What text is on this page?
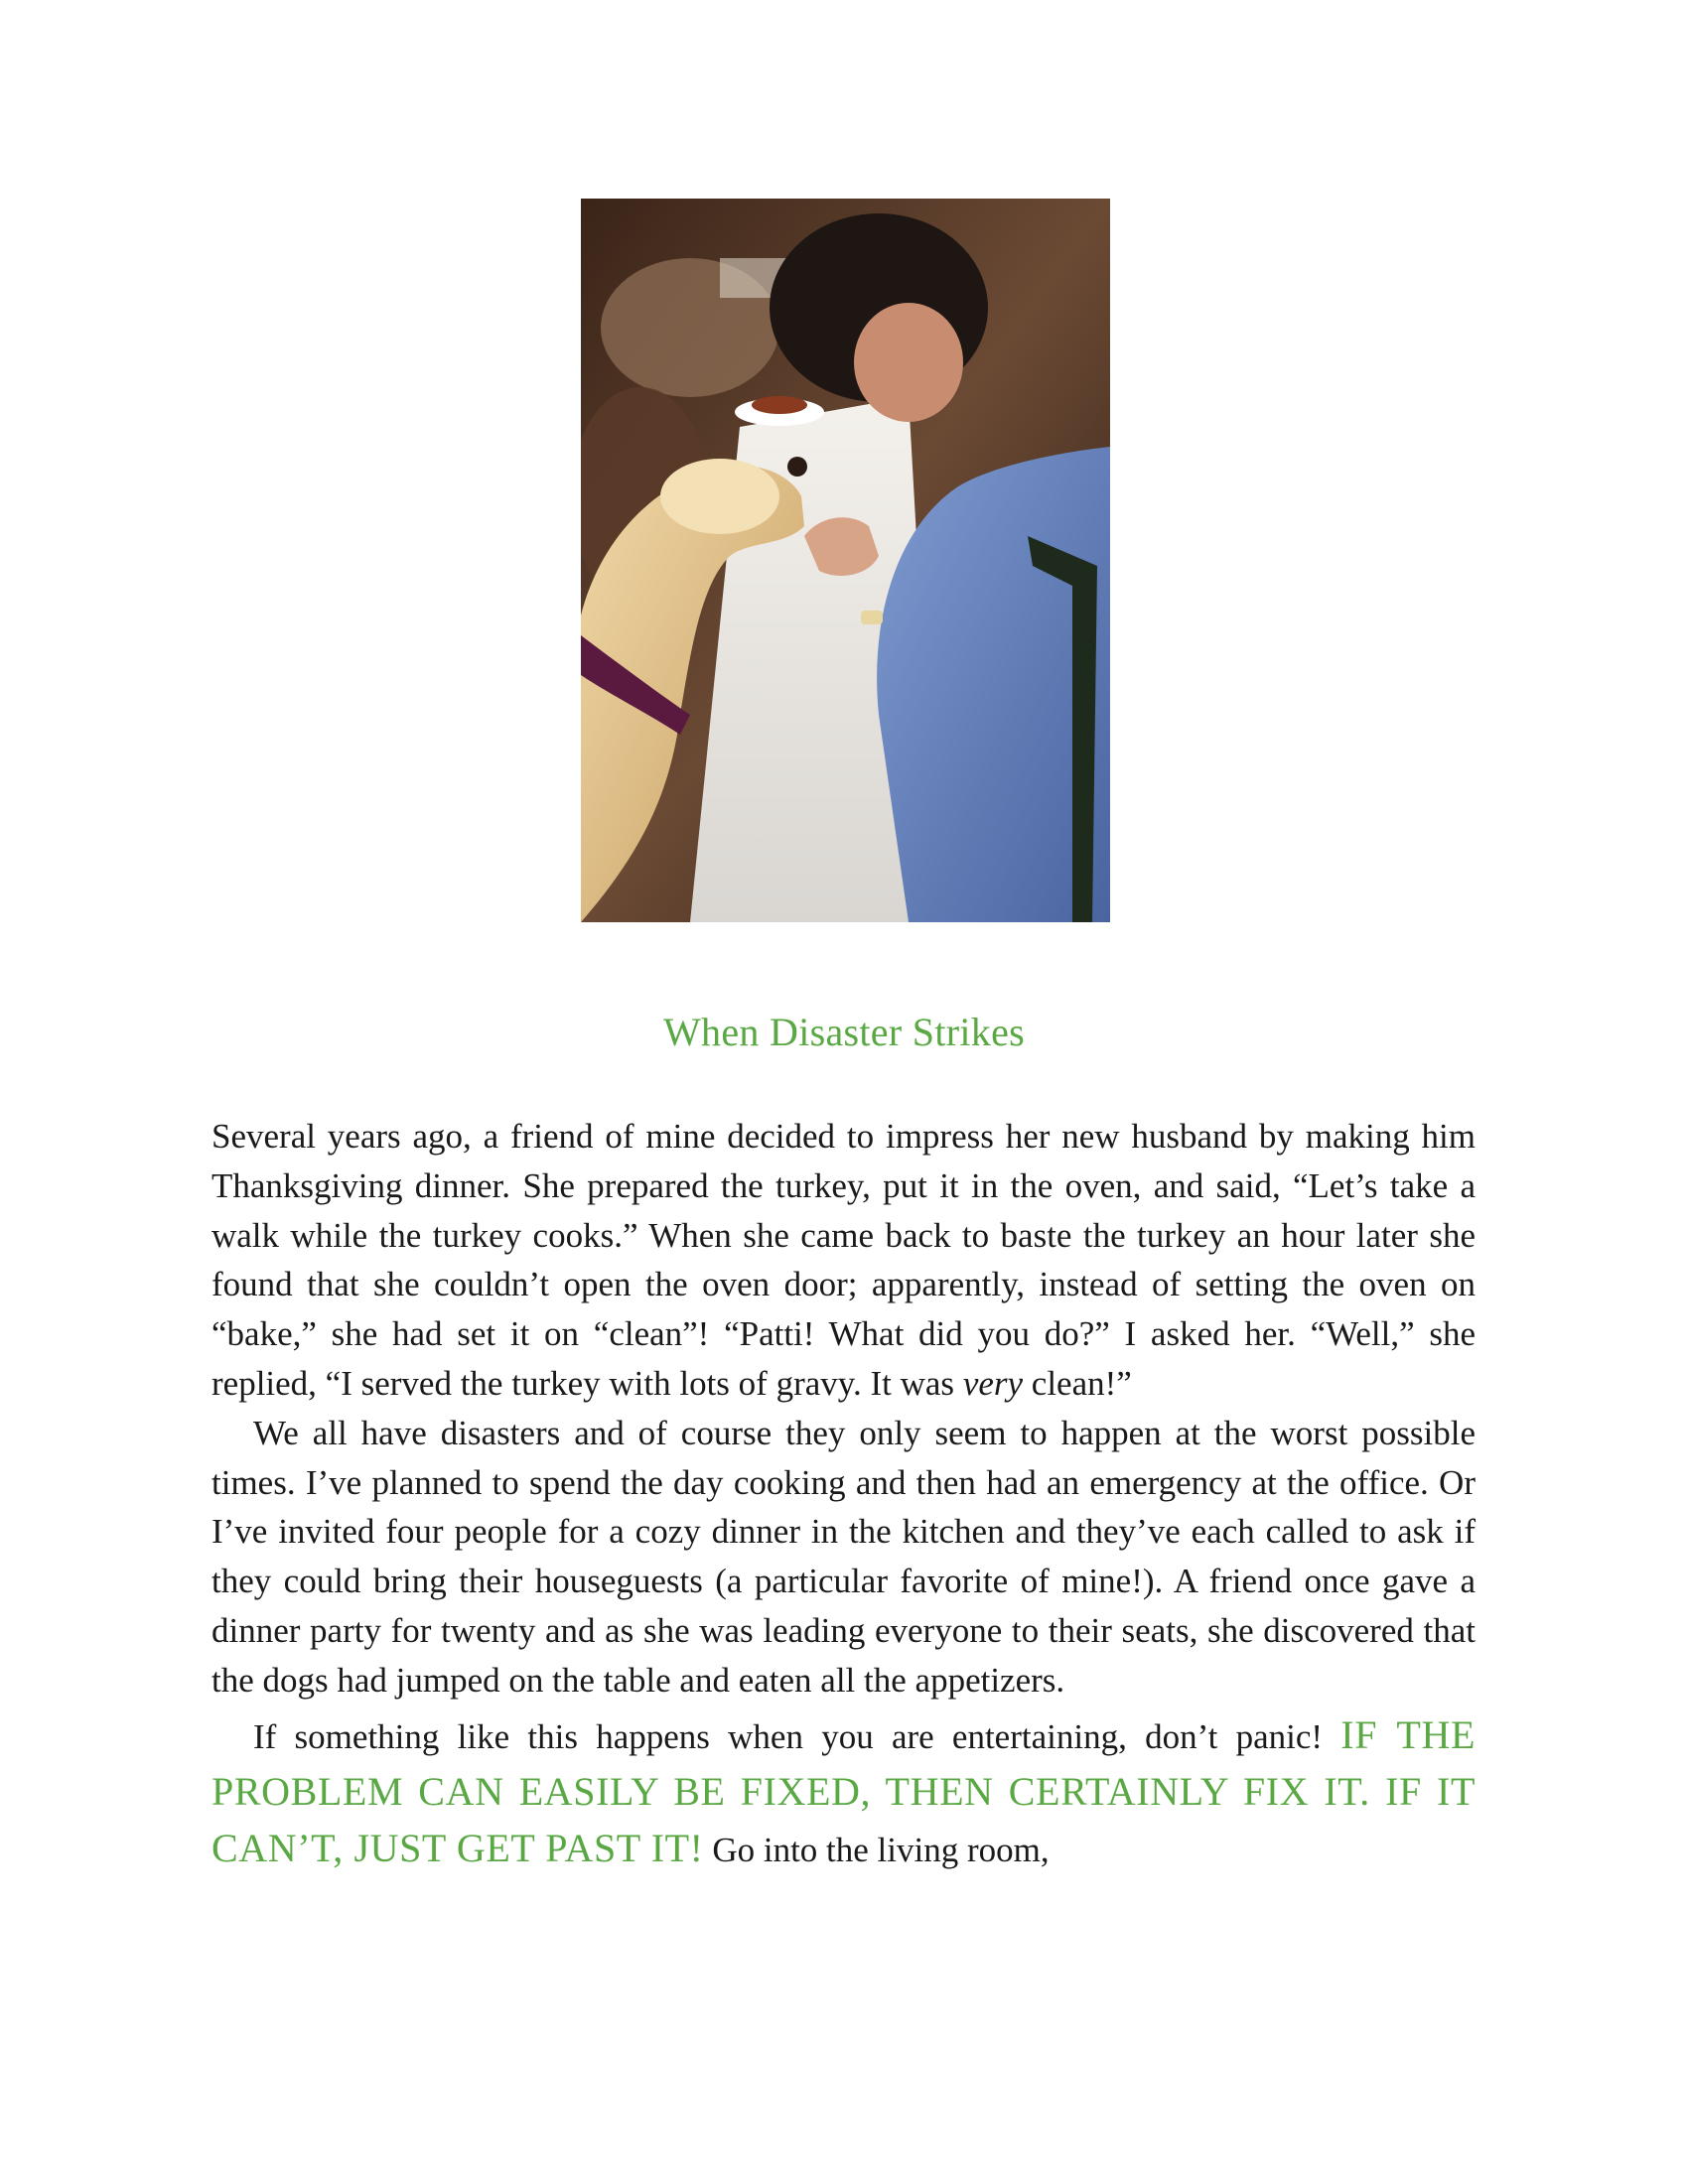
When Disaster Strikes

Several years ago, a friend of mine decided to impress her new husband by making him Thanksgiving dinner. She prepared the turkey, put it in the oven, and said, “Let’s take a walk while the turkey cooks.” When she came back to baste the turkey an hour later she found that she couldn’t open the oven door; apparently, instead of setting the oven on “bake,” she had set it on “clean”! “Patti! What did you do?” I asked her. “Well,” she replied, “I served the turkey with lots of gravy. It was very clean!”

We all have disasters and of course they only seem to happen at the worst possible times. I’ve planned to spend the day cooking and then had an emergency at the office. Or I’ve invited four people for a cozy dinner in the kitchen and they’ve each called to ask if they could bring their houseguests (a particular favorite of mine!). A friend once gave a dinner party for twenty and as she was leading everyone to their seats, she discovered that the dogs had jumped on the table and eaten all the appetizers.

If something like this happens when you are entertaining, don’t panic! IF THE PROBLEM CAN EASILY BE FIXED, THEN CERTAINLY FIX IT. IF IT CAN’T, JUST GET PAST IT! Go into the living room,
